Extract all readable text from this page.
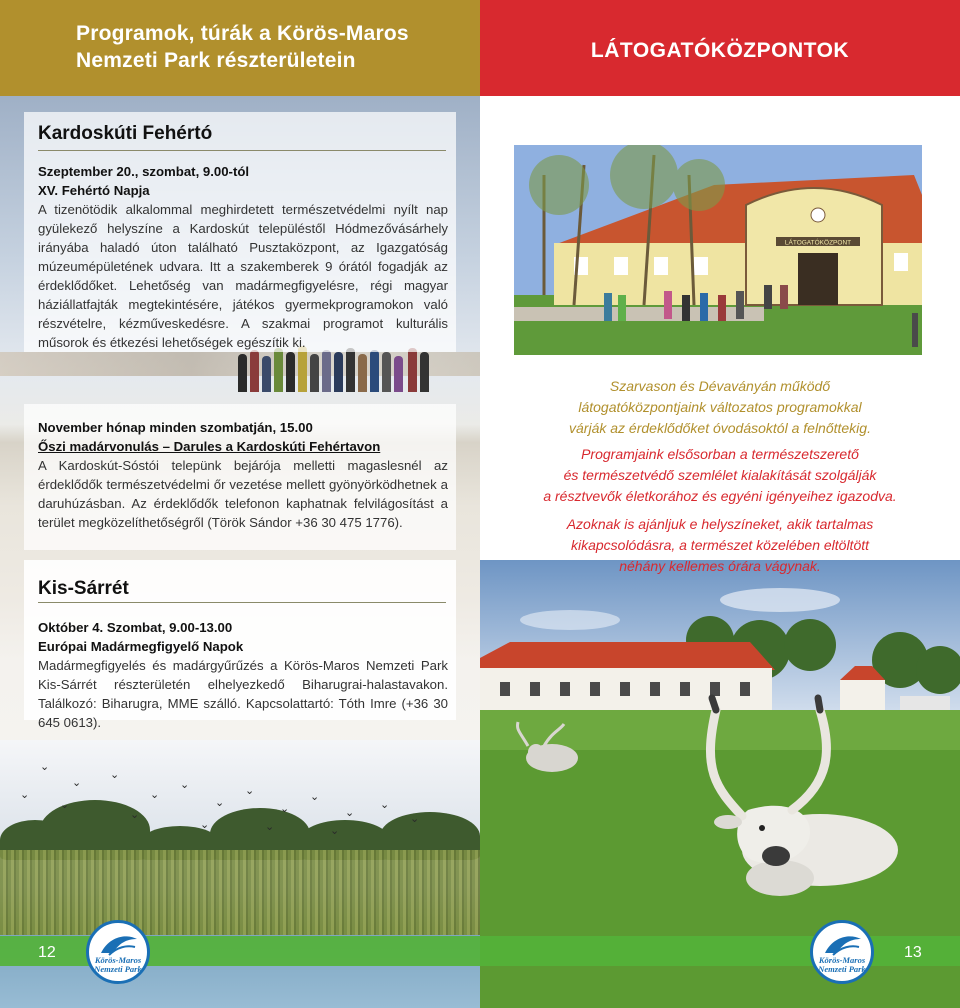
⌄
⌄
⌄
⌄
⌄
⌄
⌄
⌄
⌄
⌄
⌄
⌄
⌄
⌄
⌄	⌄	⌄
⌄
Programok, túrák a Körös-Maros
Nemzeti Park részterületein
Kardoskúti Fehértó
Szeptember 20., szombat, 9.00-tól
XV. Fehértó Napja
A tizenötödik alkalommal meghirdetett természetvédelmi nyílt nap gyülekező helyszíne a Kardoskút településtől Hódmezővásárhely irányába haladó úton található Pusztaközpont, az Igazgatóság múzeumépületének udvara. Itt a szakemberek 9 órától fogadják az érdeklődőket. Lehetőség van madármegfigyelésre, régi magyar háziállatfajták megtekintésére, játékos gyermekprogramokon való részvételre, kézműveskedésre. A szakmai programot kulturális műsorok és étkezési lehetőségek egészítik ki.
November hónap minden szombatján, 15.00
Őszi madárvonulás – Darules a Kardoskúti Fehértavon
A Kardoskút-Sóstói telepünk bejárója melletti magaslesnél az érdeklődők természetvédelmi őr vezetése mellett gyönyörködhetnek a daruhúzásban. Az érdeklődők telefonon kaphatnak felvilágosítást a terület megközelíthetőségről (Török Sándor +36 30 475 1776).
Kis-Sárrét
Október 4. Szombat, 9.00-13.00
Európai Madármegfigyelő Napok
Madármegfigyelés és madárgyűrűzés a Körös-Maros Nemzeti Park Kis-Sárrét részterületén elhelyezkedő Biharugrai-halastavakon. Találkozó: Biharugra, MME szálló. Kapcsolattartó: Tóth Imre (+36 30 645 0613).
12	Körös-Maros
Nemzeti Park
LÁTOGATÓKÖZPONTOK
LÁTOGATÓKÖZPONT
Szarvason és Dévaványán működő
látogatóközpontjaink változatos programokkal
várják az érdeklődőket óvodásoktól a felnőttekig.
Programjaink elsősorban a természetszerető
és természetvédő szemlélet kialakítását szolgálják
a résztvevők életkorához és egyéni igényeihez igazodva.
Azoknak is ajánljuk e helyszíneket, akik tartalmas
kikapcsolódásra, a természet közelében eltöltött
néhány kellemes órára vágynak.
Körös-Maros
Nemzeti Park
13
